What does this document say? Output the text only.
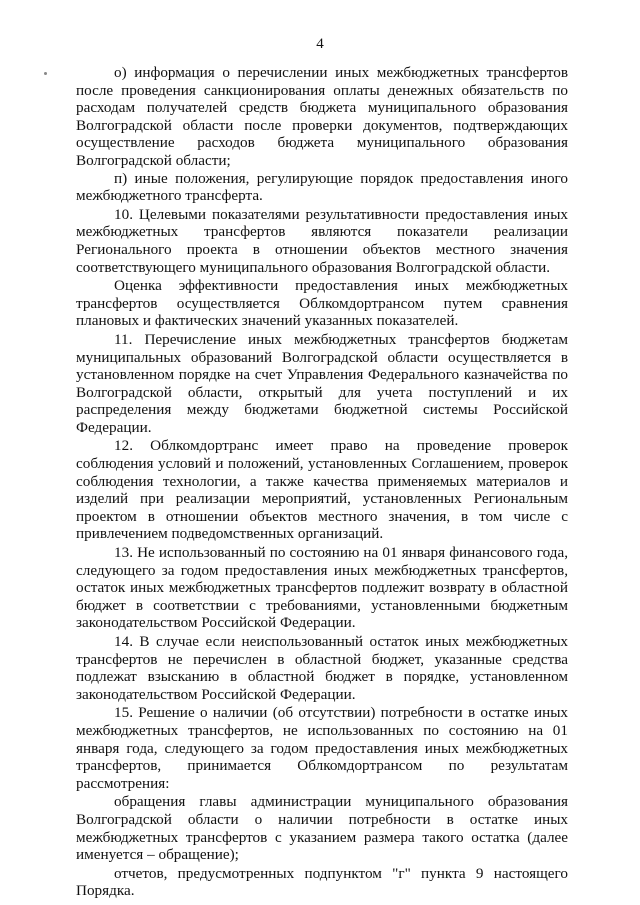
4

о) информация о перечислении иных межбюджетных трансфертов после проведения санкционирования оплаты денежных обязательств по расходам получателей средств бюджета муниципального образования Волгоградской области после проверки документов, подтверждающих осуществление расходов бюджета муниципального образования Волгоградской области;

п) иные положения, регулирующие порядок предоставления иного межбюджетного трансферта.

10. Целевыми показателями результативности предоставления иных межбюджетных трансфертов являются показатели реализации Регионального проекта в отношении объектов местного значения соответствующего муниципального образования Волгоградской области.

Оценка эффективности предоставления иных межбюджетных трансфертов осуществляется Облкомдортрансом путем сравнения плановых и фактических значений указанных показателей.

11. Перечисление иных межбюджетных трансфертов бюджетам муниципальных образований Волгоградской области осуществляется в установленном порядке на счет Управления Федерального казначейства по Волгоградской области, открытый для учета поступлений и их распределения между бюджетами бюджетной системы Российской Федерации.

12. Облкомдортранс имеет право на проведение проверок соблюдения условий и положений, установленных Соглашением, проверок соблюдения технологии, а также качества применяемых материалов и изделий при реализации мероприятий, установленных Региональным проектом в отношении объектов местного значения, в том числе с привлечением подведомственных организаций.

13. Не использованный по состоянию на 01 января финансового года, следующего за годом предоставления иных межбюджетных трансфертов, остаток иных межбюджетных трансфертов подлежит возврату в областной бюджет в соответствии с требованиями, установленными бюджетным законодательством Российской Федерации.

14. В случае если неиспользованный остаток иных межбюджетных трансфертов не перечислен в областной бюджет, указанные средства подлежат взысканию в областной бюджет в порядке, установленном законодательством Российской Федерации.

15. Решение о наличии (об отсутствии) потребности в остатке иных межбюджетных трансфертов, не использованных по состоянию на 01 января года, следующего за годом предоставления иных межбюджетных трансфертов, принимается Облкомдортрансом по результатам рассмотрения:

обращения главы администрации муниципального образования Волгоградской области о наличии потребности в остатке иных межбюджетных трансфертов с указанием размера такого остатка (далее именуется – обращение);

отчетов, предусмотренных подпунктом "г" пункта 9 настоящего Порядка.
